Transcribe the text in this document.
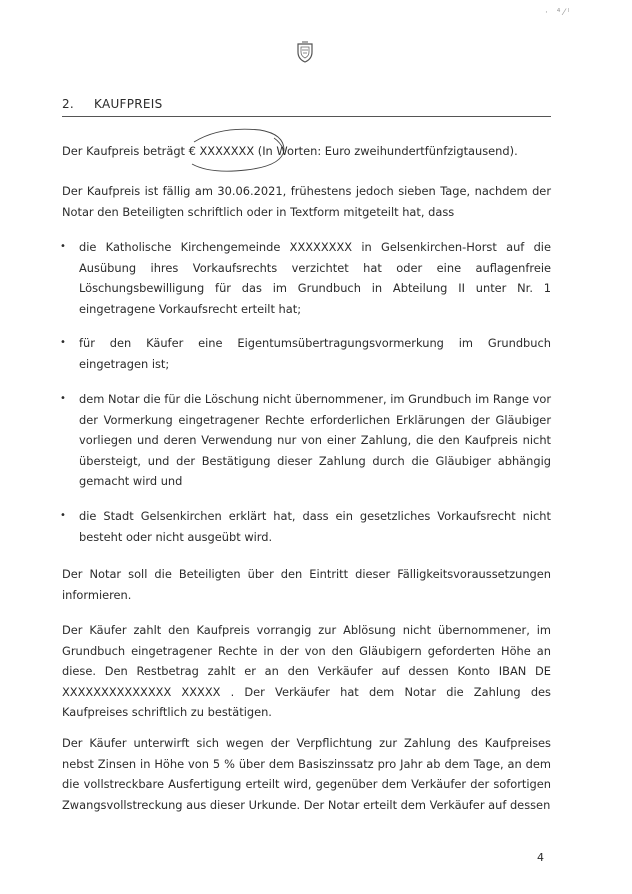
· ⁴⁄ˡ
2. KAUFPREIS
Der Kaufpreis beträgt € XXXXXXX (In Worten: Euro zweihundertfünfzigtausend).
Der Kaufpreis ist fällig am 30.06.2021, frühestens jedoch sieben Tage, nachdem der Notar den Beteiligten schriftlich oder in Textform mitgeteilt hat, dass
• die Katholische Kirchengemeinde XXXXXXXX in Gelsenkirchen-Horst auf die Ausübung ihres Vorkaufsrechts verzichtet hat oder eine auflagenfreie Löschungsbewilligung für das im Grundbuch in Abteilung II unter Nr. 1 eingetragene Vorkaufsrecht erteilt hat;
• für den Käufer eine Eigentumsübertragungsvormerkung im Grundbuch eingetragen ist;
• dem Notar die für die Löschung nicht übernommener, im Grundbuch im Range vor der Vormerkung eingetragener Rechte erforderlichen Erklärungen der Gläubiger vorliegen und deren Verwendung nur von einer Zahlung, die den Kaufpreis nicht übersteigt, und der Bestätigung dieser Zahlung durch die Gläubiger abhängig gemacht wird und
• die Stadt Gelsenkirchen erklärt hat, dass ein gesetzliches Vorkaufsrecht nicht besteht oder nicht ausgeübt wird.
Der Notar soll die Beteiligten über den Eintritt dieser Fälligkeitsvoraussetzungen informieren.
Der Käufer zahlt den Kaufpreis vorrangig zur Ablösung nicht übernommener, im Grundbuch eingetragener Rechte in der von den Gläubigern geforderten Höhe an diese. Den Restbetrag zahlt er an den Verkäufer auf dessen Konto IBAN DE XXXXXXXXXXXXXX XXXXX . Der Verkäufer hat dem Notar die Zahlung des Kaufpreises schriftlich zu bestätigen.
Der Käufer unterwirft sich wegen der Verpflichtung zur Zahlung des Kaufpreises nebst Zinsen in Höhe von 5 % über dem Basiszinssatz pro Jahr ab dem Tage, an dem die vollstreckbare Ausfertigung erteilt wird, gegenüber dem Verkäufer der sofortigen Zwangsvollstreckung aus dieser Urkunde. Der Notar erteilt dem Verkäufer auf dessen
4
